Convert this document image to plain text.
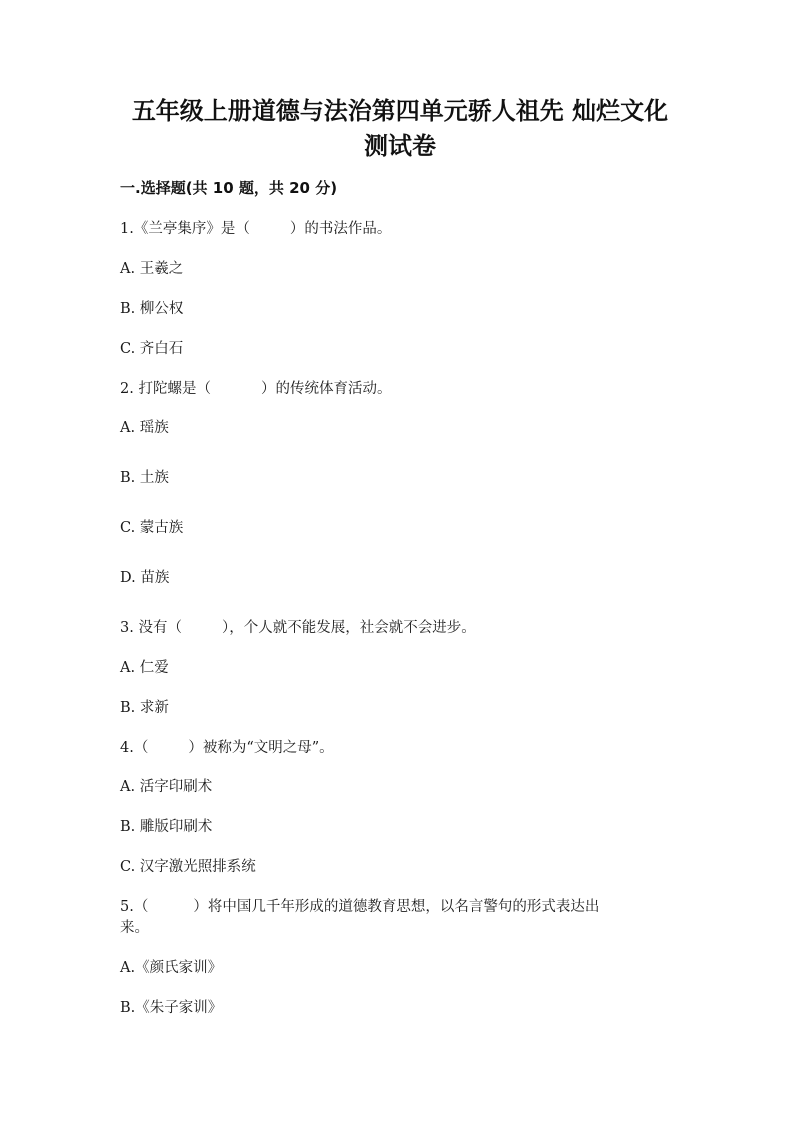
五年级上册道德与法治第四单元骄人祖先 灿烂文化
测试卷
一.选择题(共 10 题，共 20 分)
1.《兰亭集序》是（	）的书法作品。
A. 王羲之
B. 柳公权
C. 齐白石
2. 打陀螺是（	）的传统体育活动。
A. 瑶族
B. 土族
C. 蒙古族
D. 苗族
3. 没有（	），个人就不能发展，社会就不会进步。
A. 仁爱
B. 求新
4.（	）被称为“文明之母”。
A. 活字印刷术
B. 雕版印刷术
C. 汉字激光照排系统
5.（	）将中国几千年形成的道德教育思想，以名言警句的形式表达出
来。
A.《颜氏家训》
B.《朱子家训》
